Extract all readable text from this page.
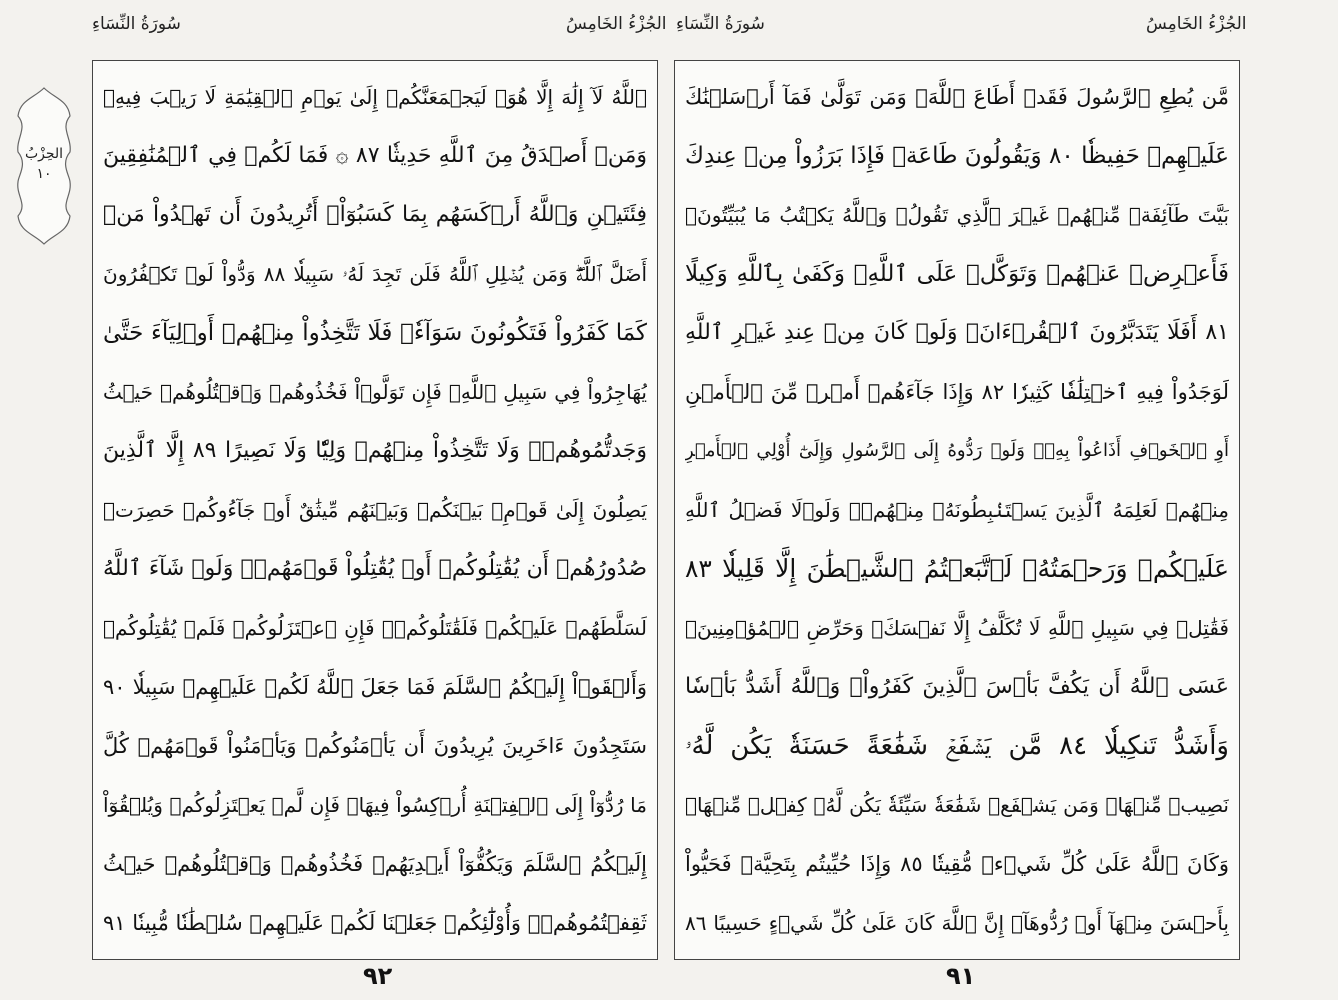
سُورَةُ النِّسَاءِ	الجُزْءُ الخَامِسُ سُورَةُ النِّسَاءِ	الجُزْءُ الخَامِسُ
الحِزْبُ
١٠
ٱللَّهُ لَآ إِلَٰهَ إِلَّا هُوَۚ لَيَجۡمَعَنَّكُمۡ إِلَىٰ يَوۡمِ ٱلۡقِيَٰمَةِ لَا رَيۡبَ فِيهِۗ
وَمَنۡ أَصۡدَقُ مِنَ ٱللَّهِ حَدِيثٗا ٨٧ ۞ فَمَا لَكُمۡ فِي ٱلۡمُنَٰفِقِينَ
فِئَتَيۡنِ وَٱللَّهُ أَرۡكَسَهُم بِمَا كَسَبُوٓاْۚ أَتُرِيدُونَ أَن تَهۡدُواْ مَنۡ
أَضَلَّ ٱللَّهُۖ وَمَن يُضۡلِلِ ٱللَّهُ فَلَن تَجِدَ لَهُۥ سَبِيلٗا ٨٨ وَدُّواْ لَوۡ تَكۡفُرُونَ
كَمَا كَفَرُواْ فَتَكُونُونَ سَوَآءٗۖ فَلَا تَتَّخِذُواْ مِنۡهُمۡ أَوۡلِيَآءَ حَتَّىٰ
يُهَاجِرُواْ فِي سَبِيلِ ٱللَّهِۚ فَإِن تَوَلَّوۡاْ فَخُذُوهُمۡ وَٱقۡتُلُوهُمۡ حَيۡثُ
وَجَدتُّمُوهُمۡۖ وَلَا تَتَّخِذُواْ مِنۡهُمۡ وَلِيّٗا وَلَا نَصِيرًا ٨٩ إِلَّا ٱلَّذِينَ
يَصِلُونَ إِلَىٰ قَوۡمِۭ بَيۡنَكُمۡ وَبَيۡنَهُم مِّيثَٰقٌ أَوۡ جَآءُوكُمۡ حَصِرَتۡ
صُدُورُهُمۡ أَن يُقَٰتِلُوكُمۡ أَوۡ يُقَٰتِلُواْ قَوۡمَهُمۡۚ وَلَوۡ شَآءَ ٱللَّهُ
لَسَلَّطَهُمۡ عَلَيۡكُمۡ فَلَقَٰتَلُوكُمۡۚ فَإِنِ ٱعۡتَزَلُوكُمۡ فَلَمۡ يُقَٰتِلُوكُمۡ
وَأَلۡقَوۡاْ إِلَيۡكُمُ ٱلسَّلَمَ فَمَا جَعَلَ ٱللَّهُ لَكُمۡ عَلَيۡهِمۡ سَبِيلٗا ٩٠
سَتَجِدُونَ ءَاخَرِينَ يُرِيدُونَ أَن يَأۡمَنُوكُمۡ وَيَأۡمَنُواْ قَوۡمَهُمۡ كُلَّ
مَا رُدُّوٓاْ إِلَى ٱلۡفِتۡنَةِ أُرۡكِسُواْ فِيهَاۚ فَإِن لَّمۡ يَعۡتَزِلُوكُمۡ وَيُلۡقُوٓاْ
إِلَيۡكُمُ ٱلسَّلَمَ وَيَكُفُّوٓاْ أَيۡدِيَهُمۡ فَخُذُوهُمۡ وَٱقۡتُلُوهُمۡ حَيۡثُ
ثَقِفۡتُمُوهُمۡۚ وَأُوْلَٰٓئِكُمۡ جَعَلۡنَا لَكُمۡ عَلَيۡهِمۡ سُلۡطَٰنٗا مُّبِينٗا ٩١
مَّن يُطِعِ ٱلرَّسُولَ فَقَدۡ أَطَاعَ ٱللَّهَۖ وَمَن تَوَلَّىٰ فَمَآ أَرۡسَلۡنَٰكَ
عَلَيۡهِمۡ حَفِيظٗا ٨٠ وَيَقُولُونَ طَاعَةٞ فَإِذَا بَرَزُواْ مِنۡ عِندِكَ
بَيَّتَ طَآئِفَةٞ مِّنۡهُمۡ غَيۡرَ ٱلَّذِي تَقُولُۖ وَٱللَّهُ يَكۡتُبُ مَا يُبَيِّتُونَۖ
فَأَعۡرِضۡ عَنۡهُمۡ وَتَوَكَّلۡ عَلَى ٱللَّهِۚ وَكَفَىٰ بِٱللَّهِ وَكِيلًا
٨١ أَفَلَا يَتَدَبَّرُونَ ٱلۡقُرۡءَانَۚ وَلَوۡ كَانَ مِنۡ عِندِ غَيۡرِ ٱللَّهِ
لَوَجَدُواْ فِيهِ ٱخۡتِلَٰفٗا كَثِيرٗا ٨٢ وَإِذَا جَآءَهُمۡ أَمۡرٞ مِّنَ ٱلۡأَمۡنِ
أَوِ ٱلۡخَوۡفِ أَذَاعُواْ بِهِۦۖ وَلَوۡ رَدُّوهُ إِلَى ٱلرَّسُولِ وَإِلَىٰٓ أُوْلِي ٱلۡأَمۡرِ
مِنۡهُمۡ لَعَلِمَهُ ٱلَّذِينَ يَسۡتَنۢبِطُونَهُۥ مِنۡهُمۡۗ وَلَوۡلَا فَضۡلُ ٱللَّهِ
عَلَيۡكُمۡ وَرَحۡمَتُهُۥ لَٱتَّبَعۡتُمُ ٱلشَّيۡطَٰنَ إِلَّا قَلِيلٗا ٨٣
فَقَٰتِلۡ فِي سَبِيلِ ٱللَّهِ لَا تُكَلَّفُ إِلَّا نَفۡسَكَۚ وَحَرِّضِ ٱلۡمُؤۡمِنِينَۖ
عَسَى ٱللَّهُ أَن يَكُفَّ بَأۡسَ ٱلَّذِينَ كَفَرُواْۚ وَٱللَّهُ أَشَدُّ بَأۡسٗا
وَأَشَدُّ تَنكِيلٗا ٨٤ مَّن يَشۡفَعۡ شَفَٰعَةً حَسَنَةٗ يَكُن لَّهُۥ
نَصِيبٞ مِّنۡهَاۖ وَمَن يَشۡفَعۡ شَفَٰعَةٗ سَيِّئَةٗ يَكُن لَّهُۥ كِفۡلٞ مِّنۡهَاۗ
وَكَانَ ٱللَّهُ عَلَىٰ كُلِّ شَيۡءٖ مُّقِيتٗا ٨٥ وَإِذَا حُيِّيتُم بِتَحِيَّةٖ فَحَيُّواْ
بِأَحۡسَنَ مِنۡهَآ أَوۡ رُدُّوهَآۗ إِنَّ ٱللَّهَ كَانَ عَلَىٰ كُلِّ شَيۡءٍ حَسِيبًا ٨٦
٩٢	٩١
